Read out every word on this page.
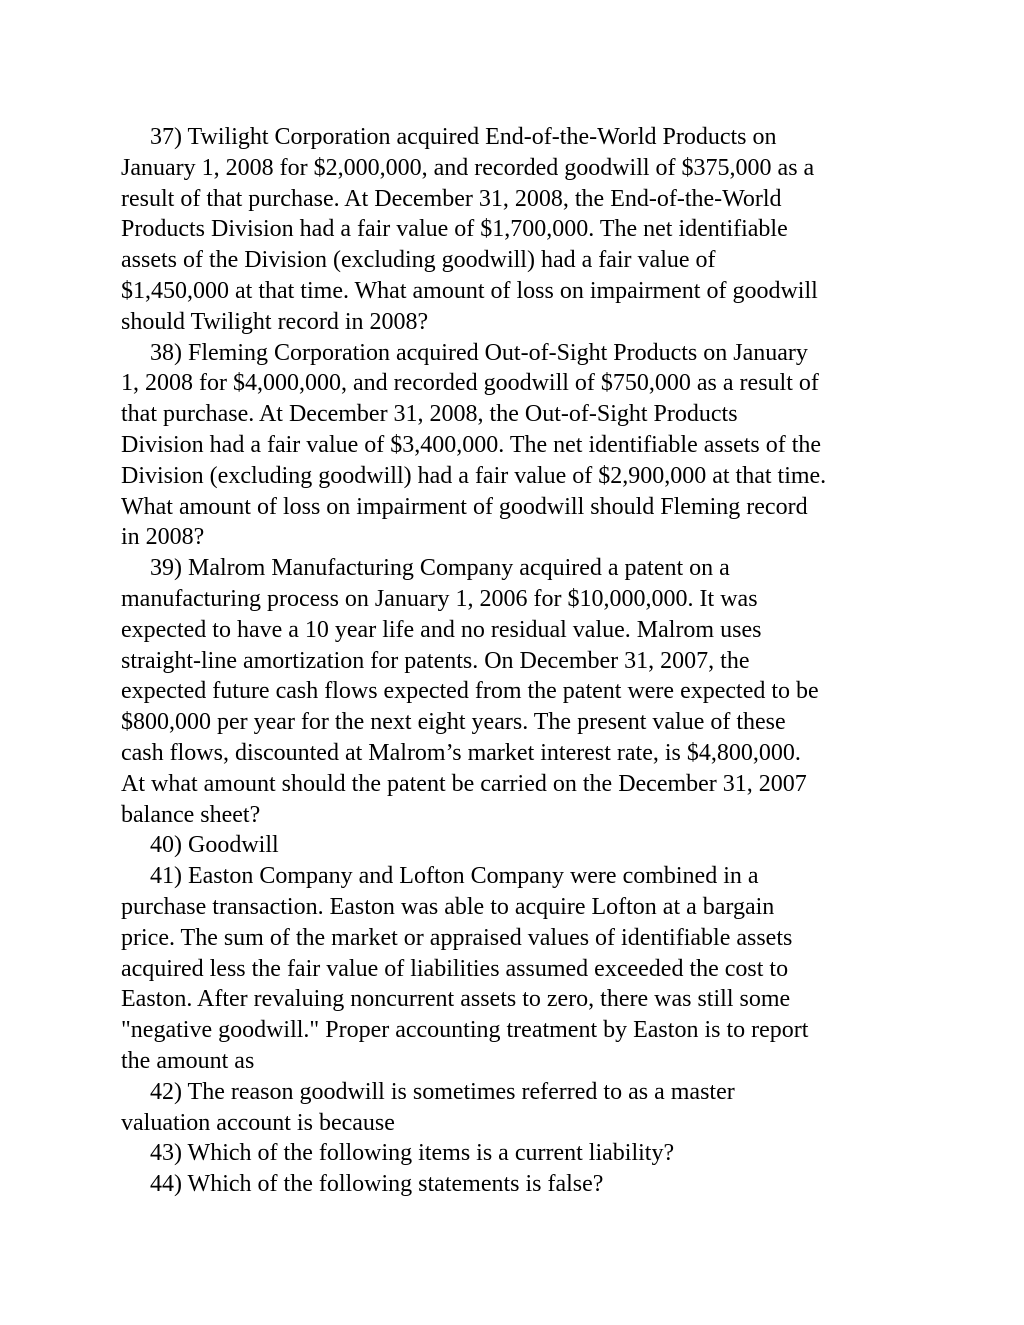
37) Twilight Corporation acquired End-of-the-World Products on
January 1, 2008 for $2,000,000, and recorded goodwill of $375,000 as a
result of that purchase. At December 31, 2008, the End-of-the-World
Products Division had a fair value of $1,700,000. The net identifiable
assets of the Division (excluding goodwill) had a fair value of
$1,450,000 at that time. What amount of loss on impairment of goodwill
should Twilight record in 2008?
38) Fleming Corporation acquired Out-of-Sight Products on January
1, 2008 for $4,000,000, and recorded goodwill of $750,000 as a result of
that purchase. At December 31, 2008, the Out-of-Sight Products
Division had a fair value of $3,400,000. The net identifiable assets of the
Division (excluding goodwill) had a fair value of $2,900,000 at that time.
What amount of loss on impairment of goodwill should Fleming record
in 2008?
39) Malrom Manufacturing Company acquired a patent on a
manufacturing process on January 1, 2006 for $10,000,000. It was
expected to have a 10 year life and no residual value. Malrom uses
straight-line amortization for patents. On December 31, 2007, the
expected future cash flows expected from the patent were expected to be
$800,000 per year for the next eight years. The present value of these
cash flows, discounted at Malrom’s market interest rate, is $4,800,000.
At what amount should the patent be carried on the December 31, 2007
balance sheet?
40) Goodwill
41) Easton Company and Lofton Company were combined in a
purchase transaction. Easton was able to acquire Lofton at a bargain
price. The sum of the market or appraised values of identifiable assets
acquired less the fair value of liabilities assumed exceeded the cost to
Easton. After revaluing noncurrent assets to zero, there was still some
"negative goodwill." Proper accounting treatment by Easton is to report
the amount as
42) The reason goodwill is sometimes referred to as a master
valuation account is because
43) Which of the following items is a current liability?
44) Which of the following statements is false?
